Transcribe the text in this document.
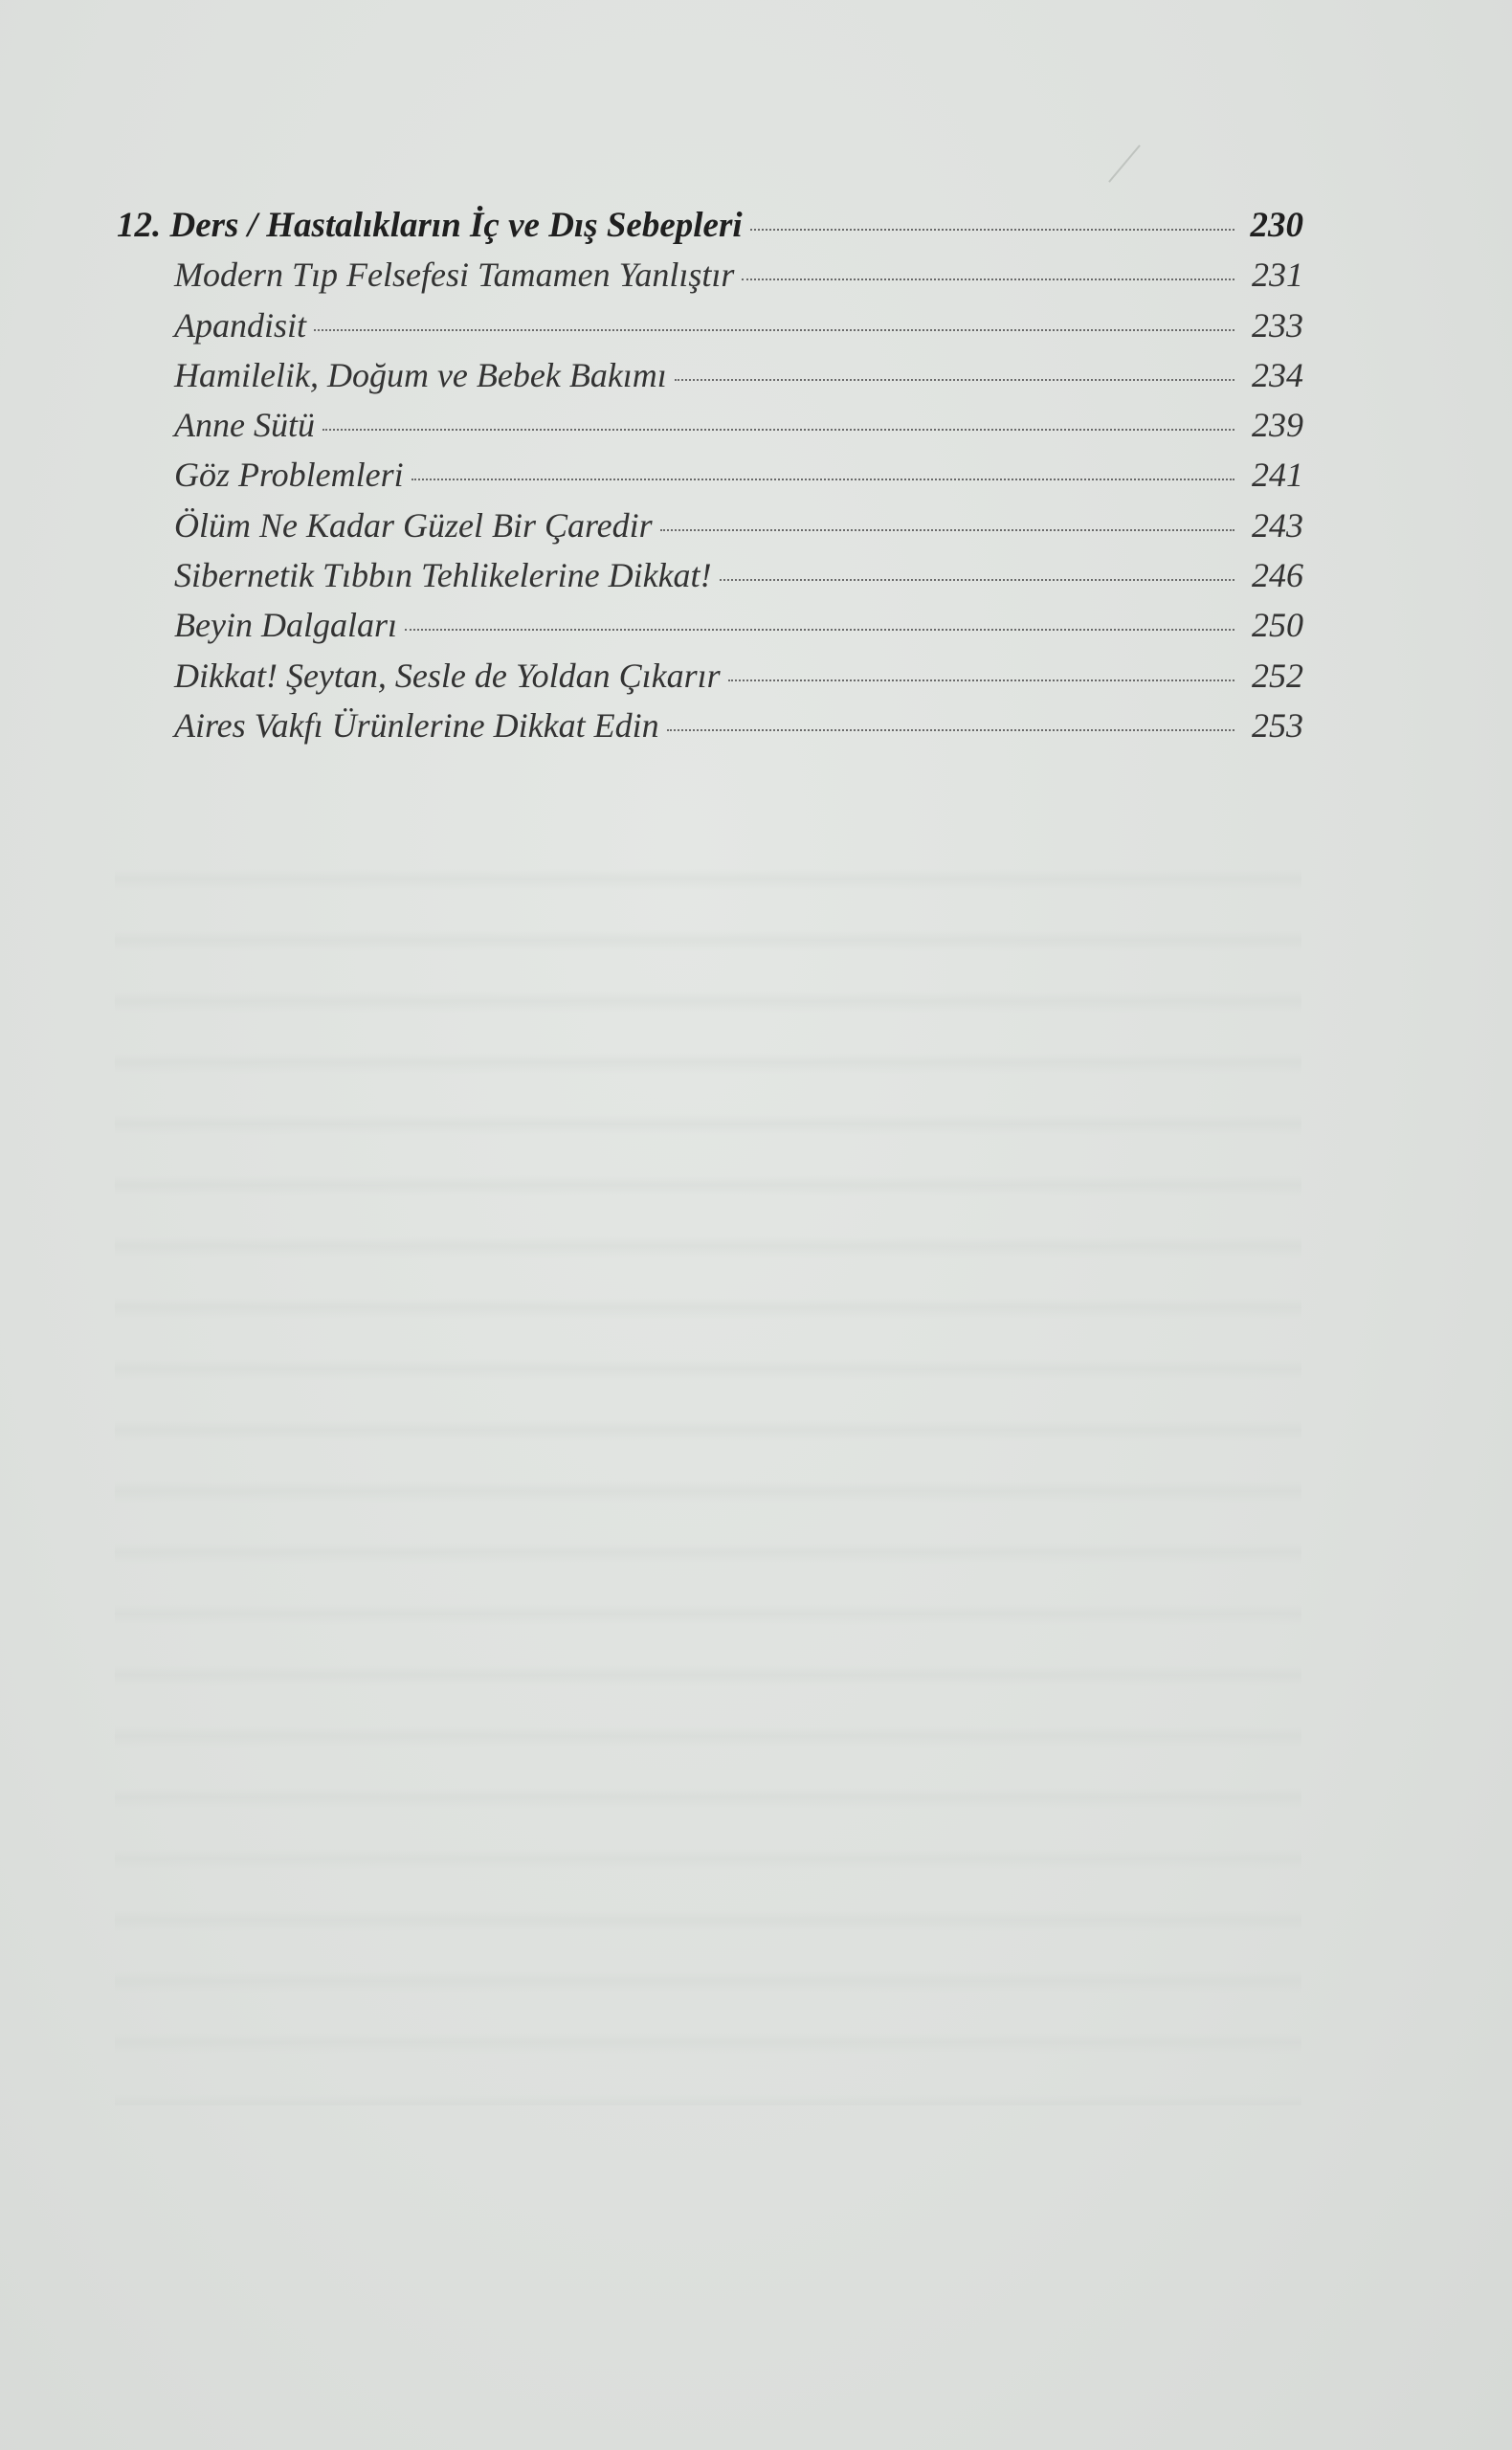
12. Ders / Hastalıkların İç ve Dış Sebepleri	230
Modern Tıp Felsefesi Tamamen Yanlıştır	231
Apandisit	233
Hamilelik, Doğum ve Bebek Bakımı	234
Anne Sütü	239
Göz Problemleri	241
Ölüm Ne Kadar Güzel Bir Çaredir	243
Sibernetik Tıbbın Tehlikelerine Dikkat!	246
Beyin Dalgaları	250
Dikkat! Şeytan, Sesle de Yoldan Çıkarır	252
Aires Vakfı Ürünlerine Dikkat Edin	253
